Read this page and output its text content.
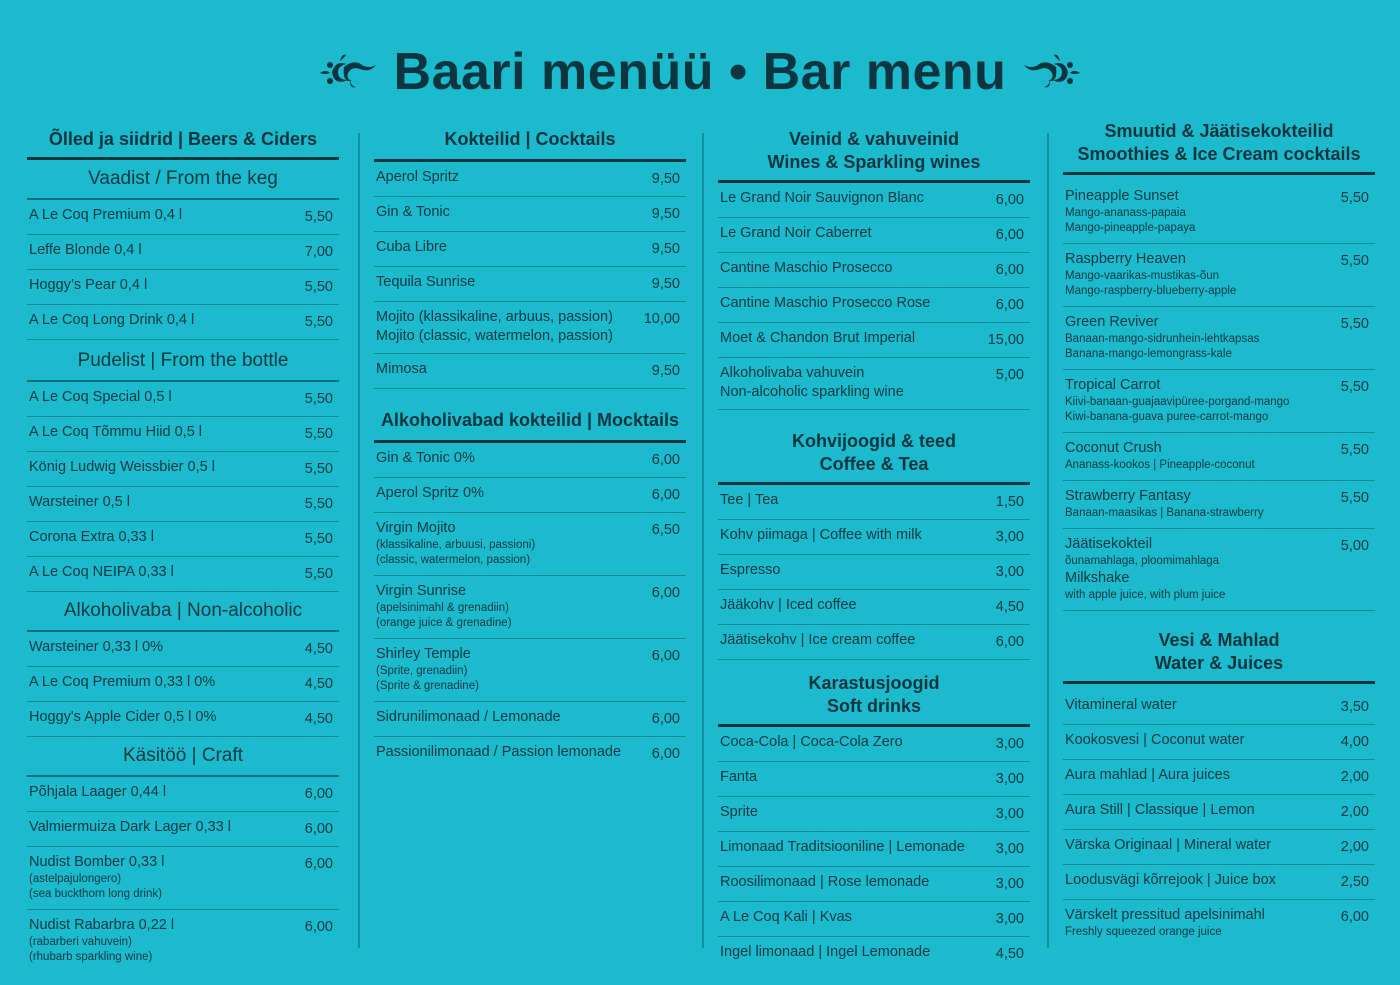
Baari menüü • Bar menu
Õlled ja siidrid | Beers & Ciders
Vaadist / From the keg
A Le Coq Premium 0,4 l	5,50
Leffe Blonde 0,4 l	7,00
Hoggy’s Pear 0,4 l	5,50
A Le Coq Long Drink 0,4 l	5,50
Pudelist | From the bottle
A Le Coq Special 0,5 l	5,50
A Le Coq Tõmmu Hiid 0,5 l	5,50
König Ludwig Weissbier 0,5 l	5,50
Warsteiner 0,5 l	5,50
Corona Extra 0,33 l	5,50
A Le Coq NEIPA 0,33 l	5,50
Alkoholivaba | Non-alcoholic
Warsteiner 0,33 l 0%	4,50
A Le Coq Premium 0,33 l 0%	4,50
Hoggy's Apple Cider 0,5 l 0%	4,50
Käsitöö | Craft
Põhjala Laager 0,44 l	6,00
Valmiermuiza Dark Lager 0,33 l	6,00
Nudist Bomber 0,33 l
(astelpajulongero)
(sea buckthorn long drink)
6,00
Nudist Rabarbra 0,22 l
(rabarberi vahuvein)
(rhubarb sparkling wine)
6,00
Kokteilid | Cocktails
Aperol Spritz	9,50
Gin & Tonic	9,50
Cuba Libre	9,50
Tequila Sunrise	9,50
Mojito (klassikaline, arbuus, passion)
Mojito (classic, watermelon, passion)
10,00
Mimosa	9,50
Alkoholivabad kokteilid | Mocktails
Gin & Tonic 0%	6,00
Aperol Spritz 0%	6,00
Virgin Mojito
(klassikaline, arbuusi, passioni)
(classic, watermelon, passion)
6,50
Virgin Sunrise
(apelsinimahl & grenadiin)
(orange juice & grenadine)
6,00
Shirley Temple
(Sprite, grenadiin)
(Sprite & grenadine)
6,00
Sidrunilimonaad / Lemonade	6,00
Passionilimonaad / Passion lemonade 6,00
Veinid & vahuveinid
Wines & Sparkling wines
Le Grand Noir Sauvignon Blanc	6,00
Le Grand Noir Caberret	6,00
Cantine Maschio Prosecco	6,00
Cantine Maschio Prosecco Rose	6,00
Moet & Chandon Brut Imperial	15,00
Alkoholivaba vahuvein
Non-alcoholic sparkling wine
5,00
Kohvijoogid & teed
Coffee & Tea
Tee | Tea	1,50
Kohv piimaga | Coffee with milk	3,00
Espresso	3,00
Jääkohv | Iced coffee	4,50
Jäätisekohv | Ice cream coffee	6,00
Karastusjoogid
Soft drinks
Coca-Cola | Coca-Cola Zero	3,00
Fanta	3,00
Sprite	3,00
Limonaad Traditsiooniline | Lemonade 3,00
Roosilimonaad | Rose lemonade	3,00
A Le Coq Kali | Kvas	3,00
Ingel limonaad | Ingel Lemonade	4,50
Smuutid & Jäätisekokteilid
Smoothies & Ice Cream cocktails
Pineapple Sunset
Mango-ananass-papaia
Mango-pineapple-papaya
5,50
Raspberry Heaven
Mango-vaarikas-mustikas-õun
Mango-raspberry-blueberry-apple
5,50
Green Reviver
Banaan-mango-sidrunhein-lehtkapsas
Banana-mango-lemongrass-kale
5,50
Tropical Carrot
Kiivi-banaan-guajaavipüree-porgand-mango
Kiwi-banana-guava puree-carrot-mango
5,50
Coconut Crush
Ananass-kookos | Pineapple-coconut
5,50
Strawberry Fantasy
Banaan-maasikas | Banana-strawberry
5,50
Jäätisekokteil
õunamahlaga, ploomimahlaga
Milkshake
with apple juice, with plum juice
5,00
Vesi & Mahlad
Water & Juices
Vitamineral water	3,50
Kookosvesi | Coconut water	4,00
Aura mahlad | Aura juices	2,00
Aura Still | Classique | Lemon	2,00
Värska Originaal | Mineral water	2,00
Loodusvägi kõrrejook | Juice box	2,50
Värskelt pressitud apelsinimahl
Freshly squeezed orange juice
6,00
